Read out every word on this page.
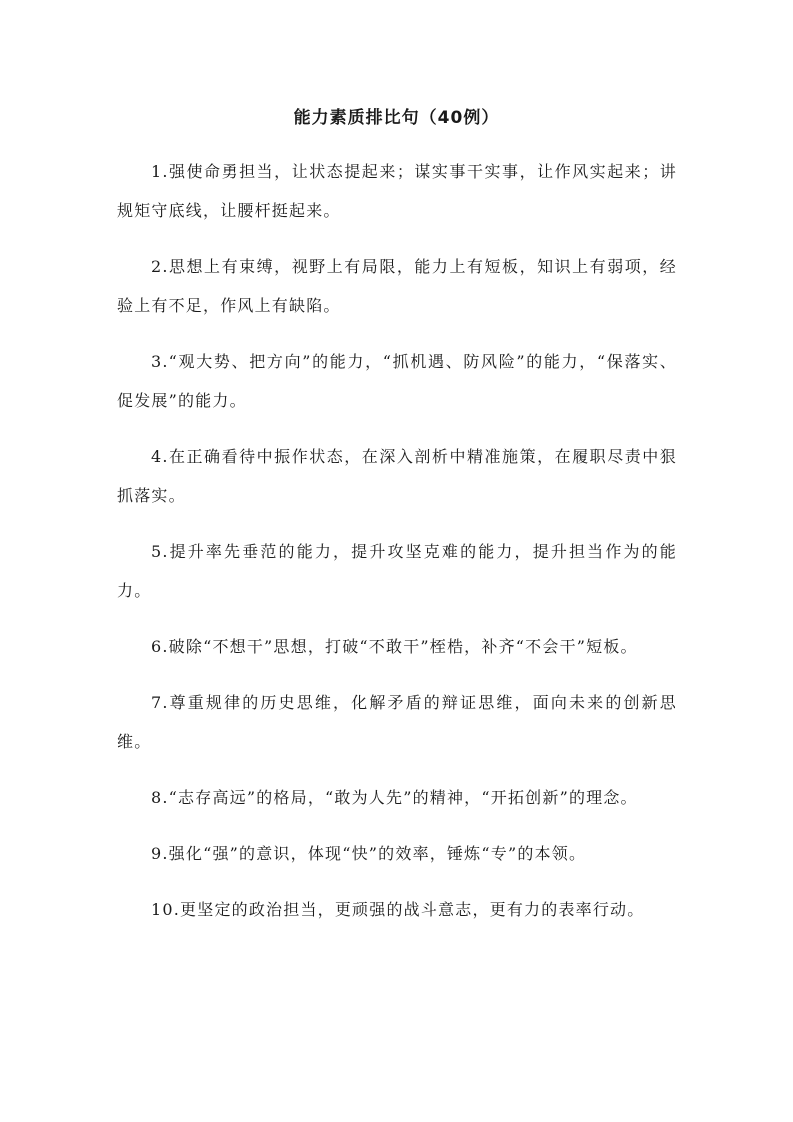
能力素质排比句（40例）

1.强使命勇担当，让状态提起来；谋实事干实事，让作风实起来；讲规矩守底线，让腰杆挺起来。

2.思想上有束缚，视野上有局限，能力上有短板，知识上有弱项，经验上有不足，作风上有缺陷。

3.“观大势、把方向”的能力，“抓机遇、防风险”的能力，“保落实、促发展”的能力。

4.在正确看待中振作状态，在深入剖析中精准施策，在履职尽责中狠抓落实。

5.提升率先垂范的能力，提升攻坚克难的能力，提升担当作为的能力。

6.破除“不想干”思想，打破“不敢干”桎梏，补齐“不会干”短板。

7.尊重规律的历史思维，化解矛盾的辩证思维，面向未来的创新思维。

8.“志存高远”的格局，“敢为人先”的精神，“开拓创新”的理念。

9.强化“强”的意识，体现“快”的效率，锤炼“专”的本领。

10.更坚定的政治担当，更顽强的战斗意志，更有力的表率行动。
